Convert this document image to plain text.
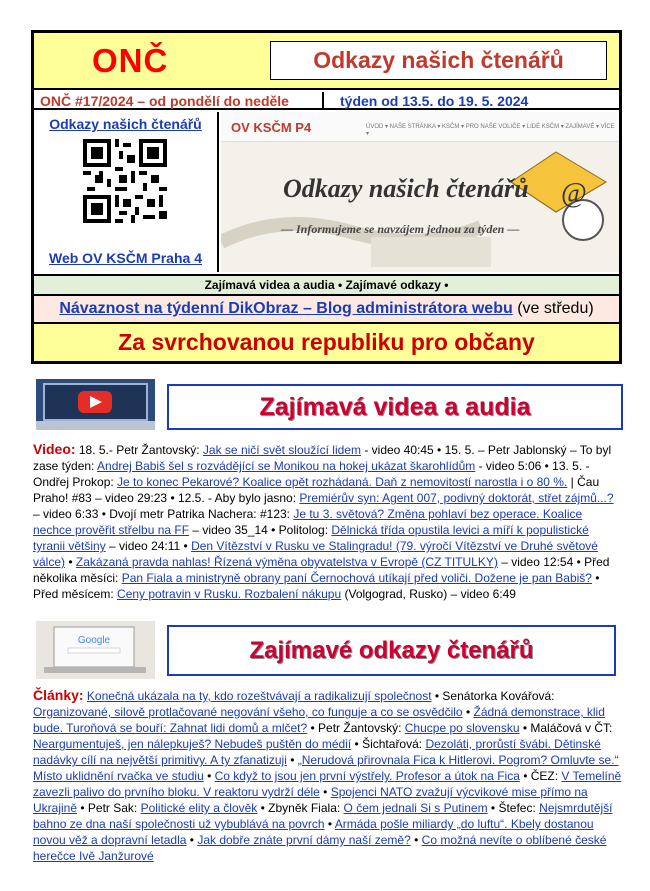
ONČ	Odkazy našich čtenářů
ONČ #17/2024 – od pondělí do neděle	týden od 13.5. do 19. 5. 2024
Odkazy našich čtenářů
Web OV KSČM Praha 4
OV KSČM P4	ÚVOD ▾ NAŠE STRÁNKA ▾ KSČM ▾ PRO NAŠE VOLIČE ▾ LIDÉ KSČM ▾ ZAJÍMAVÉ ▾ VÍCE ▾
Odkazy našich čtenářů @
— Informujeme se navzájem jednou za týden —
Zajímavá videa a audia • Zajímavé odkazy •
Návaznost na týdenní DikObraz – Blog administrátora webu (ve středu)
Za svrchovanou republiku pro občany
Zajímavá videa a audia
Video: 18. 5.- Petr Žantovský: Jak se ničí svět sloužící lidem - video 40:45 • 15. 5. – Petr Jablonský – To byl zase týden: Andrej Babiš šel s rozvádějící se Monikou na hokej ukázat škarohlídům - video 5:06 • 13. 5. - Ondřej Prokop: Je to konec Pekarové? Koalice opět rozhádaná. Daň z nemovitostí narostla i o 80 %. | Čau Praho! #83 – video 29:23 • 12.5. - Aby bylo jasno: Premiérův syn: Agent 007, podivný doktorát, střet zájmů...? – video 6:33 • Dvojí metr Patrika Nachera: #123: Je tu 3. světová? Změna pohlaví bez operace. Koalice nechce prověřit střelbu na FF – video 35_14 • Politolog: Dělnická třída opustila levici a míří k populistické tyranii většiny – video 24:11 • Den Vítězství v Rusku ve Stalingradu! (79. výročí Vítězství ve Druhé světové válce) • Zakázaná pravda nahlas! Řízená výměna obyvatelstva v Evropě (CZ TITULKY) – video 12:54 • Před několika měsíci: Pan Fiala a ministryně obrany paní Černochová utíkají před voliči. Dožene je pan Babiš? • Před měsícem: Ceny potravin v Rusku. Rozbalení nákupu (Volgograd, Rusko) – video 6:49
Google	Zajímavé odkazy čtenářů
Články: Konečná ukázala na ty, kdo rozeštvávají a radikalizují společnost • Senátorka Kovářová: Organizované, silově protlačované negování všeho, co funguje a co se osvědčilo • Žádná demonstrace, klid bude. Turoňová se bouří: Zahnat lidi domů a mlčet? • Petr Žantovský: Chucpe po slovensku • Maláčová v ČT: Neargumentuješ, jen nálepkuješ? Nebudeš puštěn do médií • Šichtařová: Dezoláti, prorůstí švábi. Dětinské nadávky cílí na největší primitivy. A ty zfanatizuji • „Nerudová přirovnala Fica k Hitlerovi. Pogrom? Omluvte se.“ Místo uklidnění rvačka ve studiu • Co když to jsou jen první výstřely. Profesor a útok na Fica • ČEZ: V Temelíně zavezli palivo do prvního bloku. V reaktoru vydrží déle • Spojenci NATO zvažují výcvikové mise přímo na Ukrajině • Petr Sak: Politické elity a člověk • Zbyněk Fiala: O čem jednali Si s Putinem • Štefec: Nejsmrdutější bahno ze dna naší společnosti už vybublává na povrch • Armáda pošle miliardy „do luftu“. Kbely dostanou novou věž a dopravní letadla • Jak dobře znáte první dámy naší země? • Co možná nevíte o oblíbené české herečce Ivě Janžurové
